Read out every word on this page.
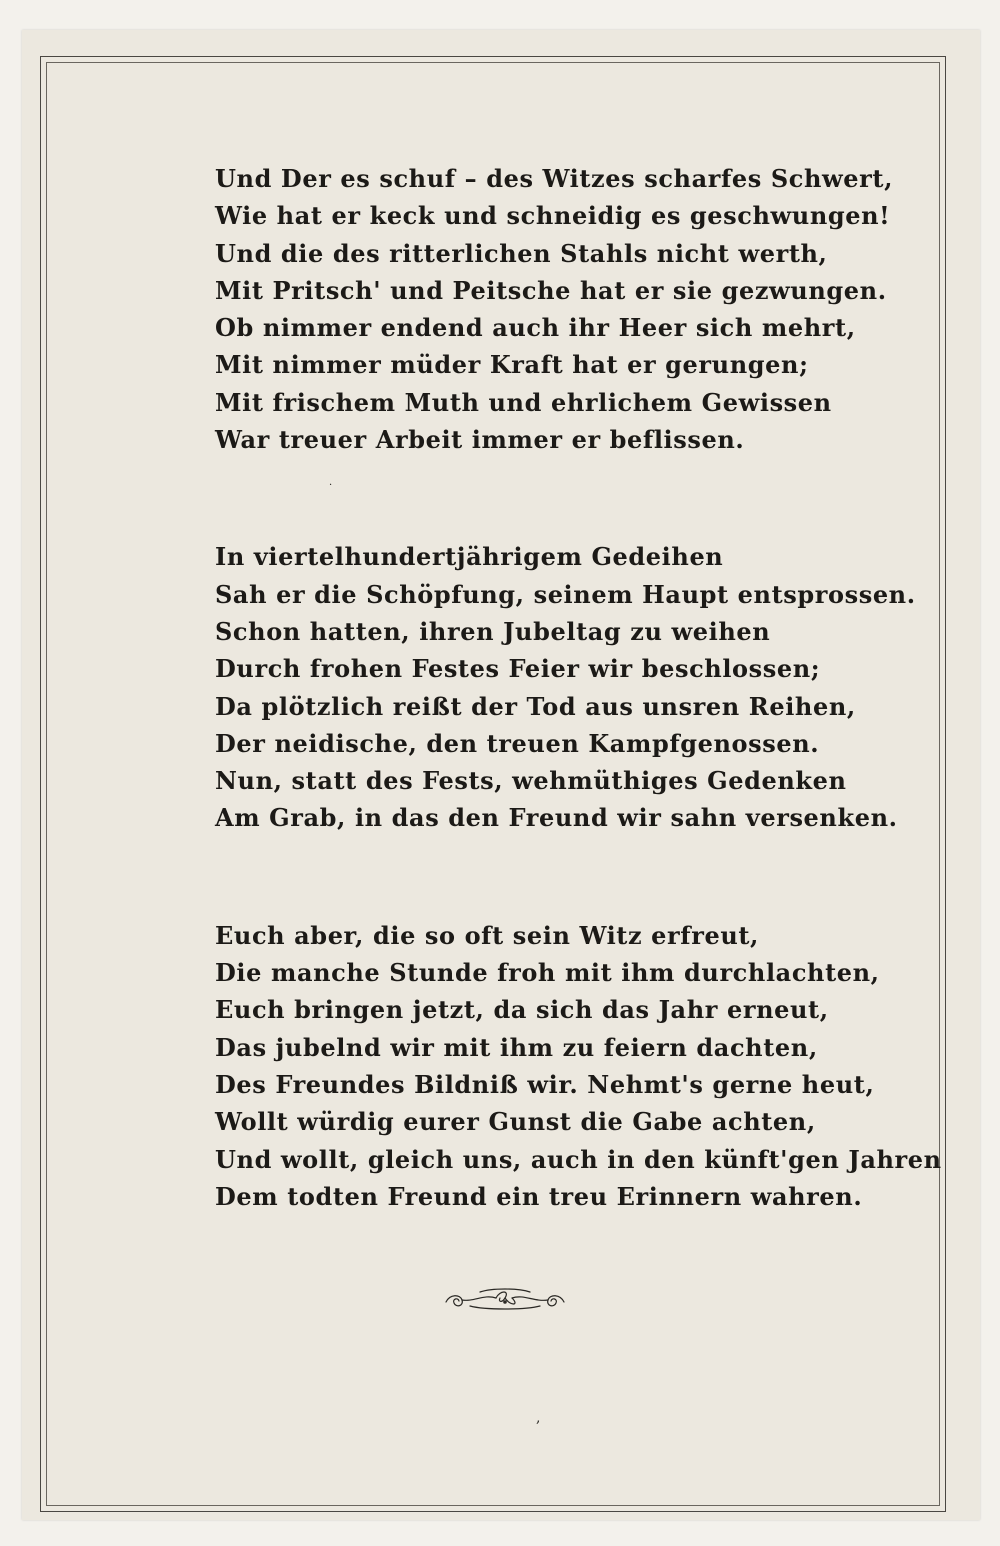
Und Der es schuf – des Witzes scharfes Schwert,
Wie hat er keck und schneidig es geschwungen!
Und die des ritterlichen Stahls nicht werth,
Mit Pritsch' und Peitsche hat er sie gezwungen.
Ob nimmer endend auch ihr Heer sich mehrt,
Mit nimmer müder Kraft hat er gerungen;
Mit frischem Muth und ehrlichem Gewissen
War treuer Arbeit immer er beflissen.
In viertelhundertjährigem Gedeihen
Sah er die Schöpfung, seinem Haupt entsprossen.
Schon hatten, ihren Jubeltag zu weihen
Durch frohen Festes Feier wir beschlossen;
Da plötzlich reißt der Tod aus unsren Reihen,
Der neidische, den treuen Kampfgenossen.
Nun, statt des Fests, wehmüthiges Gedenken
Am Grab, in das den Freund wir sahn versenken.
Euch aber, die so oft sein Witz erfreut,
Die manche Stunde froh mit ihm durchlachten,
Euch bringen jetzt, da sich das Jahr erneut,
Das jubelnd wir mit ihm zu feiern dachten,
Des Freundes Bildniß wir. Nehmt's gerne heut,
Wollt würdig eurer Gunst die Gabe achten,
Und wollt, gleich uns, auch in den künft'gen Jahren
Dem todten Freund ein treu Erinnern wahren.
·
,
